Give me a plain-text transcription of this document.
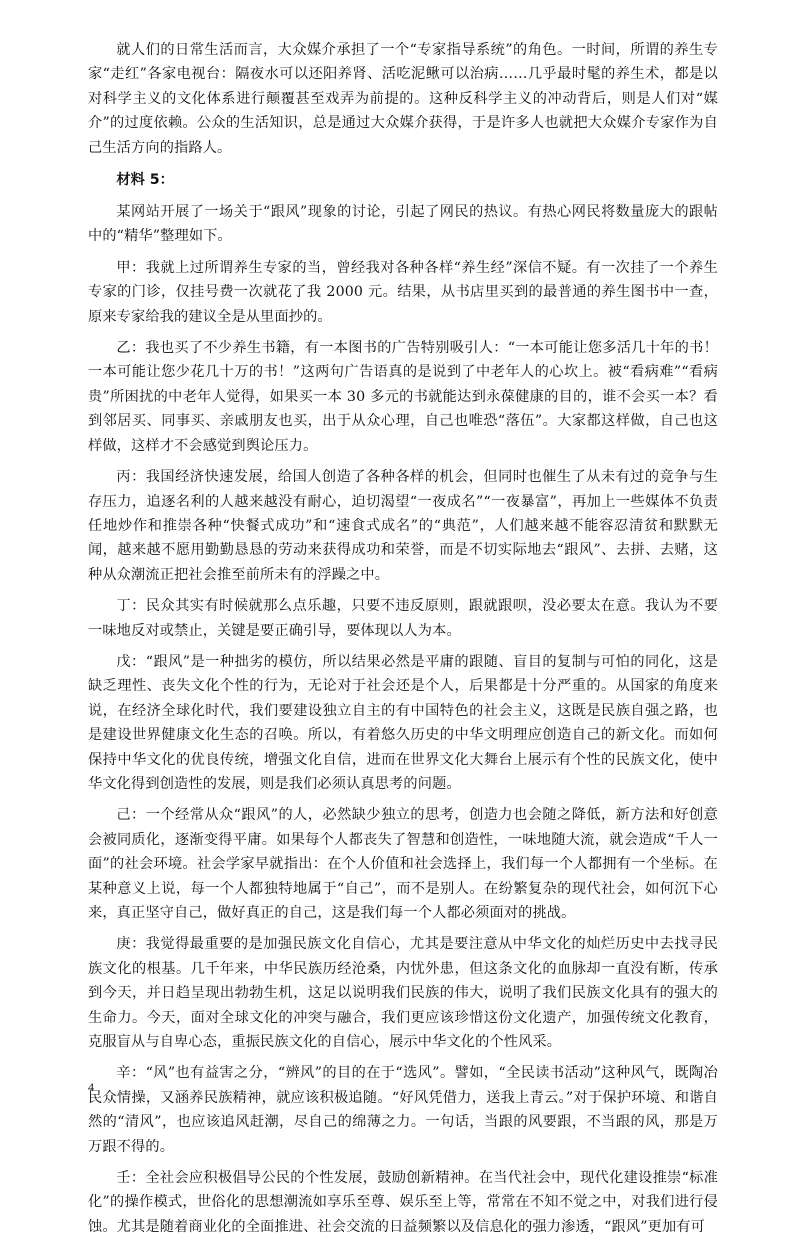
就人们的日常生活而言，大众媒介承担了一个“专家指导系统”的角色。一时间，所谓的养生专家“走红”各家电视台：隔夜水可以还阳养肾、活吃泥鳅可以治病……几乎最时髦的养生术，都是以对科学主义的文化体系进行颠覆甚至戏弄为前提的。这种反科学主义的冲动背后，则是人们对“媒介”的过度依赖。公众的生活知识，总是通过大众媒介获得，于是许多人也就把大众媒介专家作为自己生活方向的指路人。

材料 5：

某网站开展了一场关于“跟风”现象的讨论，引起了网民的热议。有热心网民将数量庞大的跟帖中的“精华”整理如下。

甲：我就上过所谓养生专家的当，曾经我对各种各样“养生经”深信不疑。有一次挂了一个养生专家的门诊，仅挂号费一次就花了我 2000 元。结果，从书店里买到的最普通的养生图书中一查，原来专家给我的建议全是从里面抄的。

乙：我也买了不少养生书籍，有一本图书的广告特别吸引人：“一本可能让您多活几十年的书！一本可能让您少花几十万的书！”这两句广告语真的是说到了中老年人的心坎上。被“看病难”“看病贵”所困扰的中老年人觉得，如果买一本 30 多元的书就能达到永葆健康的目的，谁不会买一本？看到邻居买、同事买、亲戚朋友也买，出于从众心理，自己也唯恐“落伍”。大家都这样做，自己也这样做，这样才不会感觉到舆论压力。

丙：我国经济快速发展，给国人创造了各种各样的机会，但同时也催生了从未有过的竞争与生存压力，追逐名利的人越来越没有耐心，迫切渴望“一夜成名”“一夜暴富”，再加上一些媒体不负责任地炒作和推崇各种“快餐式成功”和“速食式成名”的“典范”，人们越来越不能容忍清贫和默默无闻，越来越不愿用勤勤恳恳的劳动来获得成功和荣誉，而是不切实际地去“跟风”、去拼、去赌，这种从众潮流正把社会推至前所未有的浮躁之中。

丁：民众其实有时候就那么点乐趣，只要不违反原则，跟就跟呗，没必要太在意。我认为不要一味地反对或禁止，关键是要正确引导，要体现以人为本。

戊：“跟风”是一种拙劣的模仿，所以结果必然是平庸的跟随、盲目的复制与可怕的同化，这是缺乏理性、丧失文化个性的行为，无论对于社会还是个人，后果都是十分严重的。从国家的角度来说，在经济全球化时代，我们要建设独立自主的有中国特色的社会主义，这既是民族自强之路，也是建设世界健康文化生态的召唤。所以，有着悠久历史的中华文明理应创造自己的新文化。而如何保持中华文化的优良传统，增强文化自信，进而在世界文化大舞台上展示有个性的民族文化，使中华文化得到创造性的发展，则是我们必须认真思考的问题。

己：一个经常从众“跟风”的人，必然缺少独立的思考，创造力也会随之降低，新方法和好创意会被同质化，逐渐变得平庸。如果每个人都丧失了智慧和创造性，一味地随大流，就会造成“千人一面”的社会环境。社会学家早就指出：在个人价值和社会选择上，我们每一个人都拥有一个坐标。在某种意义上说，每一个人都独特地属于“自己”，而不是别人。在纷繁复杂的现代社会，如何沉下心来，真正坚守自己，做好真正的自己，这是我们每一个人都必须面对的挑战。

庚：我觉得最重要的是加强民族文化自信心，尤其是要注意从中华文化的灿烂历史中去找寻民族文化的根基。几千年来，中华民族历经沧桑，内忧外患，但这条文化的血脉却一直没有断，传承到今天，并日趋呈现出勃勃生机，这足以说明我们民族的伟大，说明了我们民族文化具有的强大的生命力。今天，面对全球文化的冲突与融合，我们更应该珍惜这份文化遗产，加强传统文化教育，克服盲从与自卑心态，重振民族文化的自信心，展示中华文化的个性风采。

辛：“风”也有益害之分，“辨风”的目的在于“选风”。譬如，“全民读书活动”这种风气，既陶冶民众情操，又涵养民族精神，就应该积极追随。“好风凭借力，送我上青云。”对于保护环境、和谐自然的“清风”，也应该追风赶潮，尽自己的绵薄之力。一句话，当跟的风要跟，不当跟的风，那是万万跟不得的。

壬：全社会应积极倡导公民的个性发展，鼓励创新精神。在当代社会中，现代化建设推崇“标准化”的操作模式，世俗化的思想潮流如享乐至尊、娱乐至上等，常常在不知不觉之中，对我们进行侵蚀。尤其是随着商业化的全面推进、社会交流的日益频繁以及信息化的强力渗透，“跟风”更加有可

4
